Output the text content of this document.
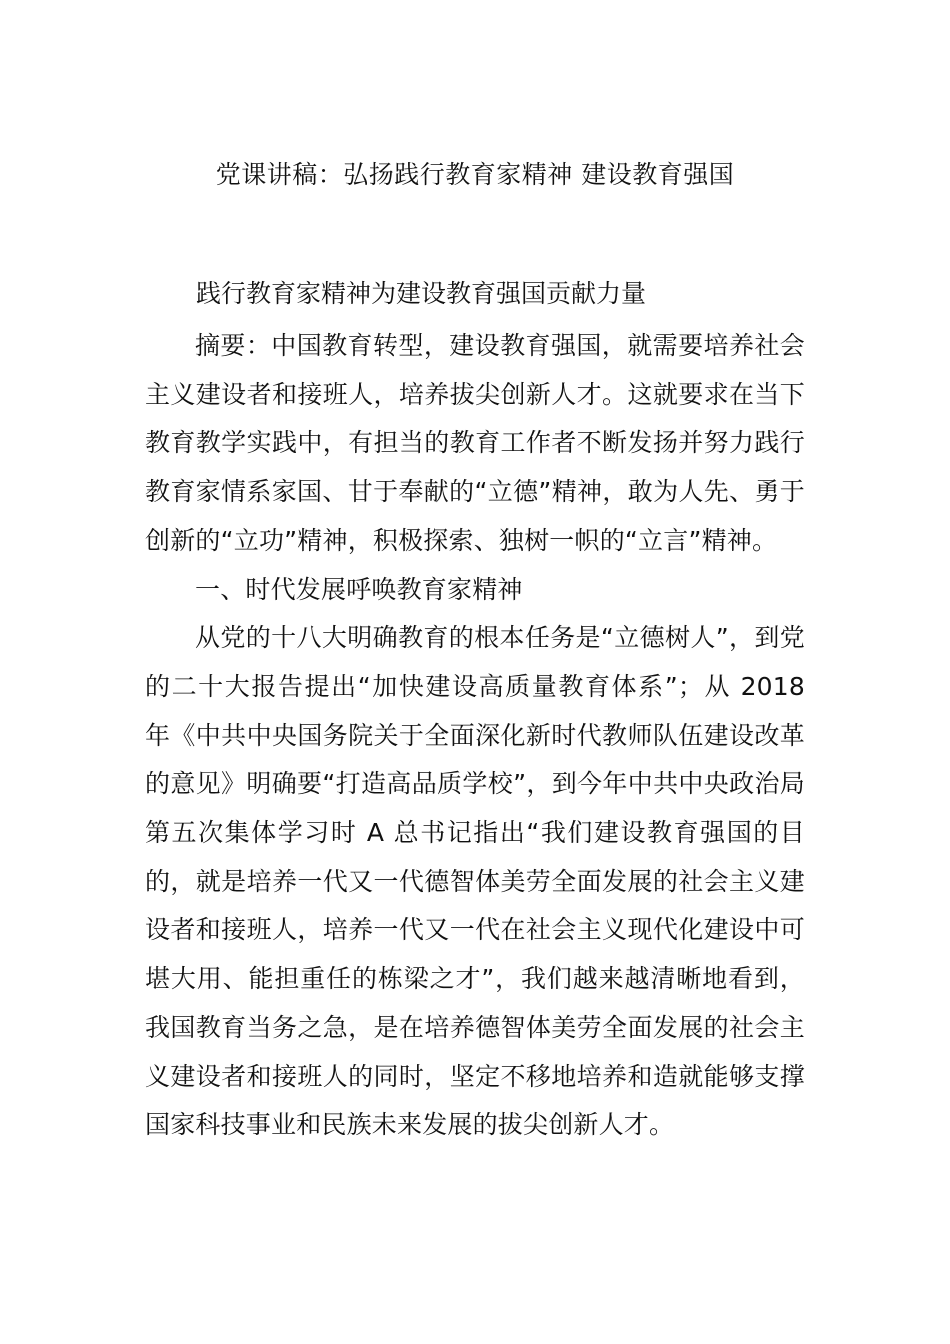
党课讲稿：弘扬践行教育家精神 建设教育强国

践行教育家精神为建设教育强国贡献力量

摘要：中国教育转型，建设教育强国，就需要培养社会主义建设者和接班人，培养拔尖创新人才。这就要求在当下教育教学实践中，有担当的教育工作者不断发扬并努力践行教育家情系家国、甘于奉献的“立德”精神，敢为人先、勇于创新的“立功”精神，积极探索、独树一帜的“立言”精神。

一、时代发展呼唤教育家精神

从党的十八大明确教育的根本任务是“立德树人”，到党的二十大报告提出“加快建设高质量教育体系”；从 2018 年《中共中央国务院关于全面深化新时代教师队伍建设改革的意见》明确要“打造高品质学校”，到今年中共中央政治局第五次集体学习时 A 总书记指出“我们建设教育强国的目的，就是培养一代又一代德智体美劳全面发展的社会主义建设者和接班人，培养一代又一代在社会主义现代化建设中可堪大用、能担重任的栋梁之才”，我们越来越清晰地看到，我国教育当务之急，是在培养德智体美劳全面发展的社会主义建设者和接班人的同时，坚定不移地培养和造就能够支撑国家科技事业和民族未来发展的拔尖创新人才。
